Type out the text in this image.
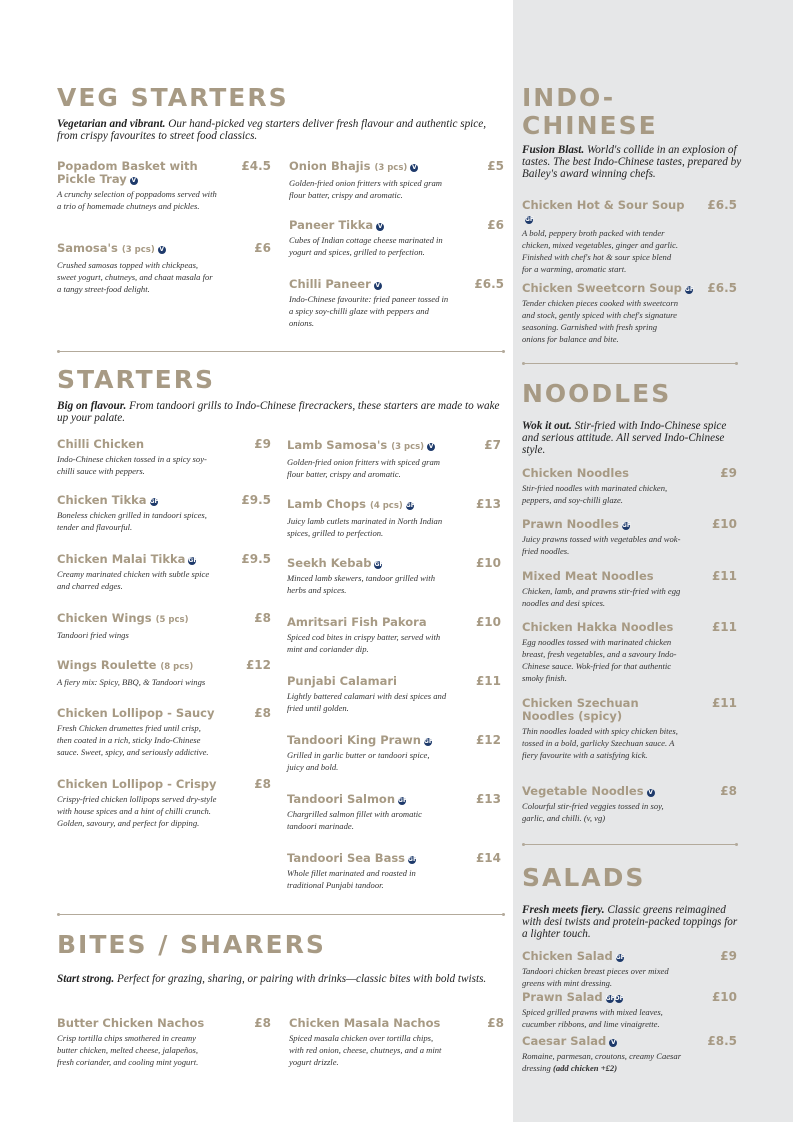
VEG STARTERS
Vegetarian and vibrant. Our hand-picked veg starters deliver fresh flavour and authentic spice, from crispy favourites to street food classics.
Popadom Basket with Pickle Tray V
£4.5
A crunchy selection of poppadoms served with a trio of homemade chutneys and pickles.
Samosa's (3 pcs) V	£6
Crushed samosas topped with chickpeas, sweet yogurt, chutneys, and chaat masala for a tangy street-food delight.
Onion Bhajis (3 pcs) V	£5
Golden-fried onion fritters with spiced gram flour batter, crispy and aromatic.
Paneer Tikka V	£6
Cubes of Indian cottage cheese marinated in yogurt and spices, grilled to perfection.
Chilli Paneer V	£6.5
Indo-Chinese favourite: fried paneer tossed in a spicy soy-chilli glaze with peppers and onions.
STARTERS
Big on flavour. From tandoori grills to Indo-Chinese firecrackers, these starters are made to wake up your palate.
Chilli Chicken	£9
Indo-Chinese chicken tossed in a spicy soy-chilli sauce with peppers.
Chicken Tikka GF	£9.5
Boneless chicken grilled in tandoori spices, tender and flavourful.
Chicken Malai Tikka GF	£9.5
Creamy marinated chicken with subtle spice and charred edges.
Chicken Wings (5 pcs)	£8
Tandoori fried wings
Wings Roulette (8 pcs)	£12
A fiery mix: Spicy, BBQ, & Tandoori wings
Chicken Lollipop - Saucy	£8
Fresh Chicken drumettes fried until crisp, then coated in a rich, sticky Indo-Chinese sauce. Sweet, spicy, and seriously addictive.
Chicken Lollipop - Crispy	£8
Crispy-fried chicken lollipops served dry-style with house spices and a hint of chilli crunch. Golden, savoury, and perfect for dipping.
Lamb Samosa's (3 pcs) V	£7
Golden-fried onion fritters with spiced gram flour batter, crispy and aromatic.
Lamb Chops (4 pcs) GF	£13
Juicy lamb cutlets marinated in North Indian spices, grilled to perfection.
Seekh Kebab GF	£10
Minced lamb skewers, tandoor grilled with herbs and spices.
Amritsari Fish Pakora	£10
Spiced cod bites in crispy batter, served with mint and coriander dip.
Punjabi Calamari	£11
Lightly battered calamari with desi spices and fried until golden.
Tandoori King Prawn GF	£12
Grilled in garlic butter or tandoori spice, juicy and bold.
Tandoori Salmon GF	£13
Chargrilled salmon fillet with aromatic tandoori marinade.
Tandoori Sea Bass GF	£14
Whole fillet marinated and roasted in traditional Punjabi tandoor.
BITES / SHARERS
Start strong. Perfect for grazing, sharing, or pairing with drinks—classic bites with bold twists.
Butter Chicken Nachos	£8
Crisp tortilla chips smothered in creamy butter chicken, melted cheese, jalapeños, fresh coriander, and cooling mint yogurt.
Chicken Masala Nachos	£8
Spiced masala chicken over tortilla chips, with red onion, cheese, chutneys, and a mint yogurt drizzle.
INDO-
CHINESE
Fusion Blast. World's collide in an explosion of tastes. The best Indo-Chinese tastes, prepared by Bailey's award winning chefs.
Chicken Hot & Sour SoupGF
£6.5
A bold, peppery broth packed with tender chicken, mixed vegetables, ginger and garlic. Finished with chef's hot & sour spice blend for a warming, aromatic start.
Chicken Sweetcorn Soup GF	£6.5
Tender chicken pieces cooked with sweetcorn and stock, gently spiced with chef's signature seasoning. Garnished with fresh spring onions for balance and bite.
NOODLES
Wok it out. Stir-fried with Indo-Chinese spice and serious attitude. All served Indo-Chinese style.
Chicken Noodles	£9
Stir-fried noodles with marinated chicken, peppers, and soy-chilli glaze.
Prawn Noodles GF	£10
Juicy prawns tossed with vegetables and wok-fried noodles.
Mixed Meat Noodles	£11
Chicken, lamb, and prawns stir-fried with egg noodles and desi spices.
Chicken Hakka Noodles	£11
Egg noodles tossed with marinated chicken breast, fresh vegetables, and a savoury Indo-Chinese sauce. Wok-fried for that authentic smoky finish.
Chicken Szechuan Noodles (spicy)
£11
Thin noodles loaded with spicy chicken bites, tossed in a bold, garlicky Szechuan sauce. A fiery favourite with a satisfying kick.
Vegetable Noodles V	£8
Colourful stir-fried veggies tossed in soy, garlic, and chilli. (v, vg)
SALADS
Fresh meets fiery. Classic greens reimagined with desi twists and protein-packed toppings for a lighter touch.
Chicken Salad GF	£9
Tandoori chicken breast pieces over mixed greens with mint dressing.
Prawn Salad GFDF	£10
Spiced grilled prawns with mixed leaves, cucumber ribbons, and lime vinaigrette.
Caesar Salad V	£8.5
Romaine, parmesan, croutons, creamy Caesar dressing (add chicken +£2)
